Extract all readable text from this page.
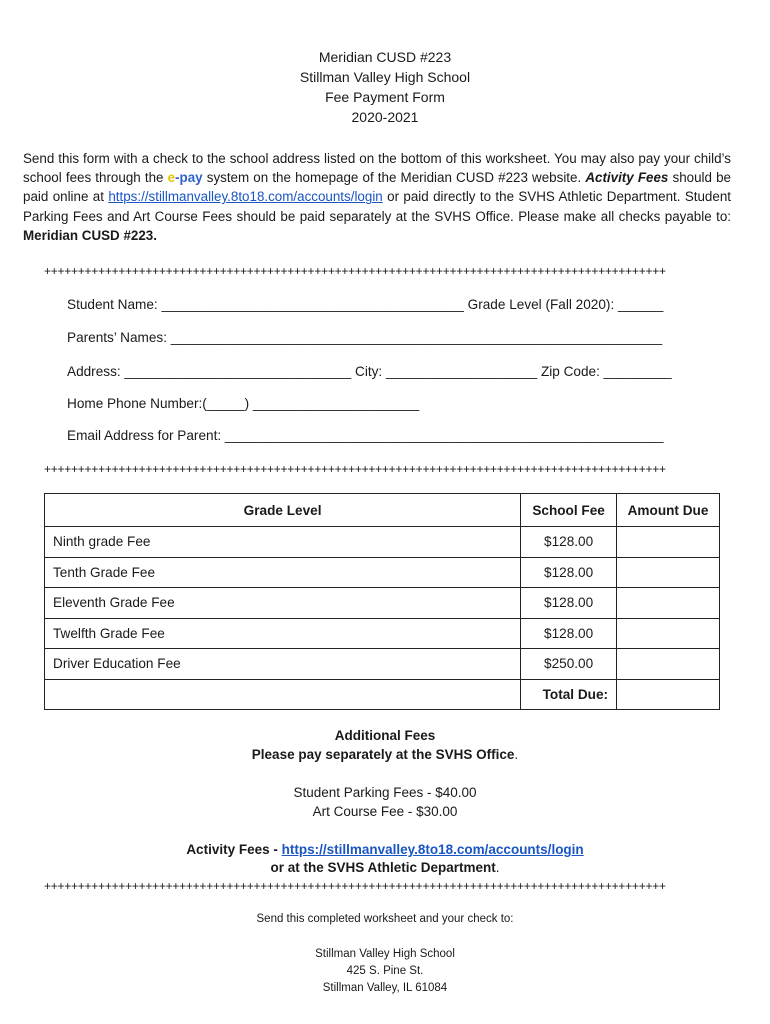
Meridian CUSD #223
Stillman Valley High School
Fee Payment Form
2020-2021
Send this form with a check to the school address listed on the bottom of this worksheet. You may also pay your child’s school fees through the e-pay system on the homepage of the Meridian CUSD #223 website. Activity Fees should be paid online at https://stillmanvalley.8to18.com/accounts/login or paid directly to the SVHS Athletic Department. Student Parking Fees and Art Course Fees should be paid separately at the SVHS Office. Please make all checks payable to: Meridian CUSD #223.
++++++++++++++++++++++++++++++++++++++++++++++++++++++++++++++++++++++++++++++++++++++++++++
Student Name: ________________________________________ Grade Level (Fall 2020): ______
Parents’ Names: _________________________________________________________________
Address: ______________________________ City: ____________________ Zip Code: _________
Home Phone Number:(_____) ______________________
Email Address for Parent: __________________________________________________________
++++++++++++++++++++++++++++++++++++++++++++++++++++++++++++++++++++++++++++++++++++++++++++
Grade Level	School Fee	Amount Due
Ninth grade Fee	$128.00	
Tenth Grade Fee	$128.00	
Eleventh Grade Fee	$128.00	
Twelfth Grade Fee	$128.00	
Driver Education Fee	$250.00	
	Total Due:	
Additional Fees
Please pay separately at the SVHS Office.
Student Parking Fees - $40.00
Art Course Fee - $30.00
Activity Fees - https://stillmanvalley.8to18.com/accounts/login
or at the SVHS Athletic Department.
++++++++++++++++++++++++++++++++++++++++++++++++++++++++++++++++++++++++++++++++++++++++++++
Send this completed worksheet and your check to:
Stillman Valley High School
425 S. Pine St.
Stillman Valley, IL 61084
